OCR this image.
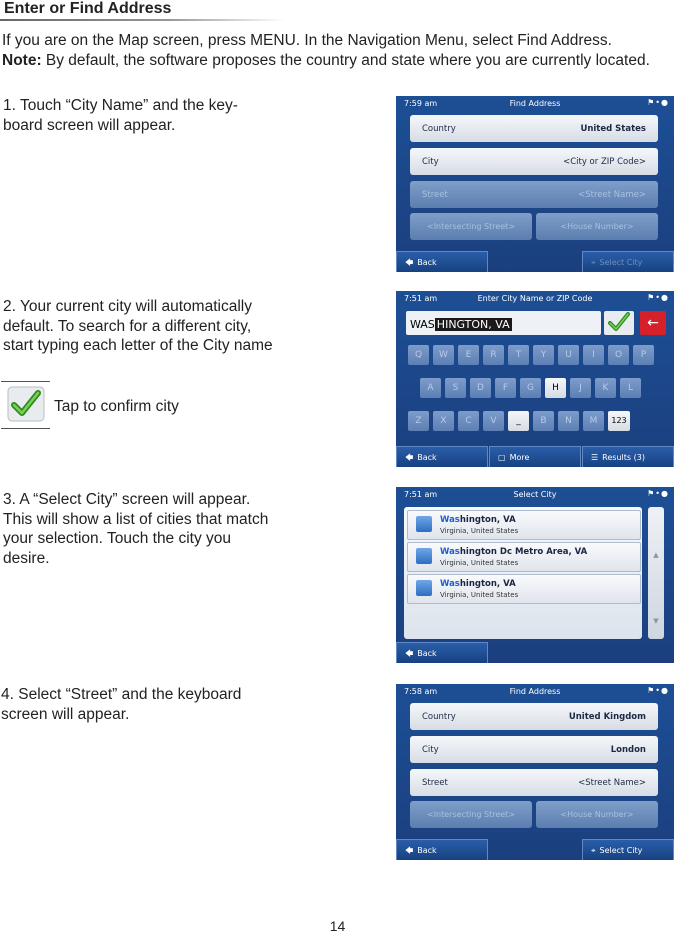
Enter or Find Address
If you are on the Map screen, press MENU. In the Navigation Menu, select Find Address.
Note: By default, the software proposes the country and state where you are currently located.
1. Touch “City Name” and the key-board screen will appear.
2. Your current city will automatically default. To search for a different city, start typing each letter of the City name
3. A “Select City” screen will appear. This will show a list of cities that match your selection. Touch the city you desire.
4. Select “Street” and the keyboard screen will appear.
Tap to confirm city
7:59 am	Find Address	⚑•●
Country	United States
City	<City or ZIP Code>
Street	<Street Name>
<Intersecting Street>	<House Number>
🡄 Back	⌖ Select City
7:51 am	Enter City Name or ZIP Code	⚑•●
WAS HINGTON, VA	←
Q	W	E	R	T	Y	U	I	O	P
A	S	D	F	G	H	J	K	L
Z	X	C	V	_	B	N	M	123
🡄 Back	▢ More	☰ Results (3)
7:51 am	Select City	⚑•●
Washington, VA
Virginia, United States
Washington Dc Metro Area, VA
Virginia, United States
Washington, VA
Virginia, United States
▲
▼
🡄 Back
7:58 am	Find Address	⚑•●
Country	United Kingdom
City	London
Street	<Street Name>
<Intersecting Street>	<House Number>
🡄 Back	⌖ Select City
14
